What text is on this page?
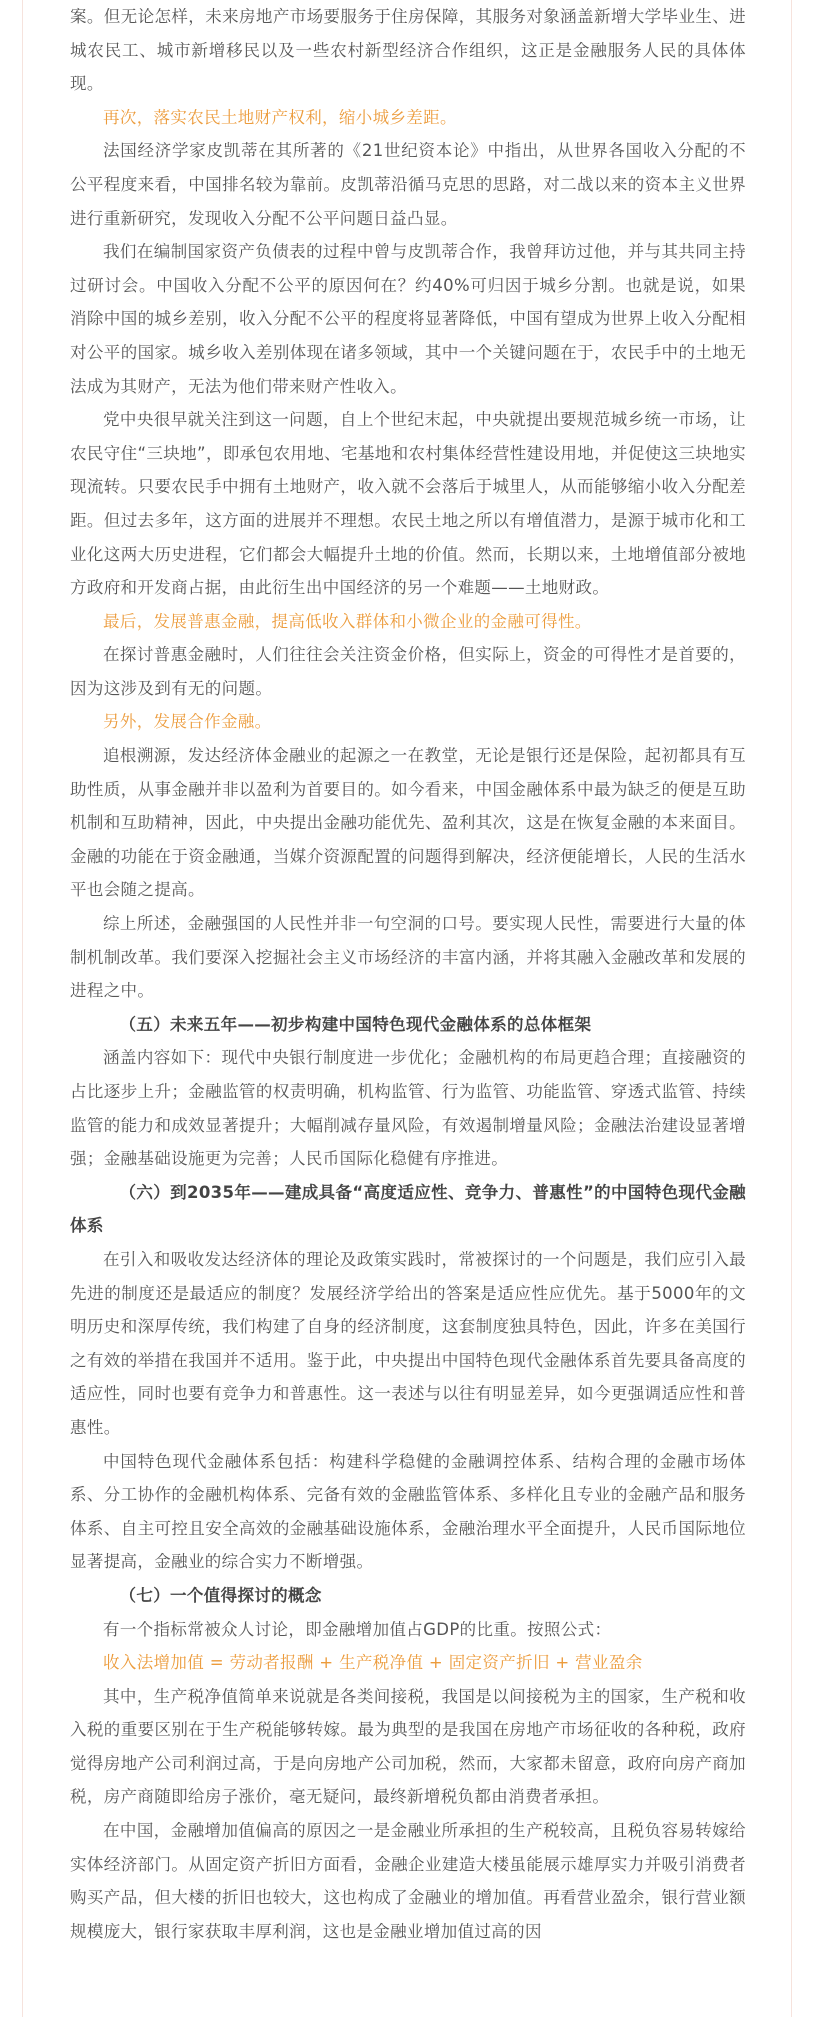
案。但无论怎样，未来房地产市场要服务于住房保障，其服务对象涵盖新增大学毕业生、进城农民工、城市新增移民以及一些农村新型经济合作组织，这正是金融服务人民的具体体现。

再次，落实农民土地财产权利，缩小城乡差距。

法国经济学家皮凯蒂在其所著的《21世纪资本论》中指出，从世界各国收入分配的不公平程度来看，中国排名较为靠前。皮凯蒂沿循马克思的思路，对二战以来的资本主义世界进行重新研究，发现收入分配不公平问题日益凸显。

我们在编制国家资产负债表的过程中曾与皮凯蒂合作，我曾拜访过他，并与其共同主持过研讨会。中国收入分配不公平的原因何在？约40%可归因于城乡分割。也就是说，如果消除中国的城乡差别，收入分配不公平的程度将显著降低，中国有望成为世界上收入分配相对公平的国家。城乡收入差别体现在诸多领域，其中一个关键问题在于，农民手中的土地无法成为其财产，无法为他们带来财产性收入。

党中央很早就关注到这一问题，自上个世纪末起，中央就提出要规范城乡统一市场，让农民守住“三块地”，即承包农用地、宅基地和农村集体经营性建设用地，并促使这三块地实现流转。只要农民手中拥有土地财产，收入就不会落后于城里人，从而能够缩小收入分配差距。但过去多年，这方面的进展并不理想。农民土地之所以有增值潜力，是源于城市化和工业化这两大历史进程，它们都会大幅提升土地的价值。然而，长期以来，土地增值部分被地方政府和开发商占据，由此衍生出中国经济的另一个难题——土地财政。

最后，发展普惠金融，提高低收入群体和小微企业的金融可得性。

在探讨普惠金融时，人们往往会关注资金价格，但实际上，资金的可得性才是首要的，因为这涉及到有无的问题。

另外，发展合作金融。

追根溯源，发达经济体金融业的起源之一在教堂，无论是银行还是保险，起初都具有互助性质，从事金融并非以盈利为首要目的。如今看来，中国金融体系中最为缺乏的便是互助机制和互助精神，因此，中央提出金融功能优先、盈利其次，这是在恢复金融的本来面目。金融的功能在于资金融通，当媒介资源配置的问题得到解决，经济便能增长，人民的生活水平也会随之提高。

综上所述，金融强国的人民性并非一句空洞的口号。要实现人民性，需要进行大量的体制机制改革。我们要深入挖掘社会主义市场经济的丰富内涵，并将其融入金融改革和发展的进程之中。

（五）未来五年——初步构建中国特色现代金融体系的总体框架

涵盖内容如下：现代中央银行制度进一步优化；金融机构的布局更趋合理；直接融资的占比逐步上升；金融监管的权责明确，机构监管、行为监管、功能监管、穿透式监管、持续监管的能力和成效显著提升；大幅削减存量风险，有效遏制增量风险；金融法治建设显著增强；金融基础设施更为完善；人民币国际化稳健有序推进。

（六）到2035年——建成具备“高度适应性、竞争力、普惠性”的中国特色现代金融体系

在引入和吸收发达经济体的理论及政策实践时，常被探讨的一个问题是，我们应引入最先进的制度还是最适应的制度？发展经济学给出的答案是适应性应优先。基于5000年的文明历史和深厚传统，我们构建了自身的经济制度，这套制度独具特色，因此，许多在美国行之有效的举措在我国并不适用。鉴于此，中央提出中国特色现代金融体系首先要具备高度的适应性，同时也要有竞争力和普惠性。这一表述与以往有明显差异，如今更强调适应性和普惠性。

中国特色现代金融体系包括：构建科学稳健的金融调控体系、结构合理的金融市场体系、分工协作的金融机构体系、完备有效的金融监管体系、多样化且专业的金融产品和服务体系、自主可控且安全高效的金融基础设施体系，金融治理水平全面提升，人民币国际地位显著提高，金融业的综合实力不断增强。

（七）一个值得探讨的概念

有一个指标常被众人讨论，即金融增加值占GDP的比重。按照公式：

收入法增加值 = 劳动者报酬 + 生产税净值 + 固定资产折旧 + 营业盈余

其中，生产税净值简单来说就是各类间接税，我国是以间接税为主的国家，生产税和收入税的重要区别在于生产税能够转嫁。最为典型的是我国在房地产市场征收的各种税，政府觉得房地产公司利润过高，于是向房地产公司加税，然而，大家都未留意，政府向房产商加税，房产商随即给房子涨价，毫无疑问，最终新增税负都由消费者承担。

在中国，金融增加值偏高的原因之一是金融业所承担的生产税较高，且税负容易转嫁给实体经济部门。从固定资产折旧方面看，金融企业建造大楼虽能展示雄厚实力并吸引消费者购买产品，但大楼的折旧也较大，这也构成了金融业的增加值。再看营业盈余，银行营业额规模庞大，银行家获取丰厚利润，这也是金融业增加值过高的因
